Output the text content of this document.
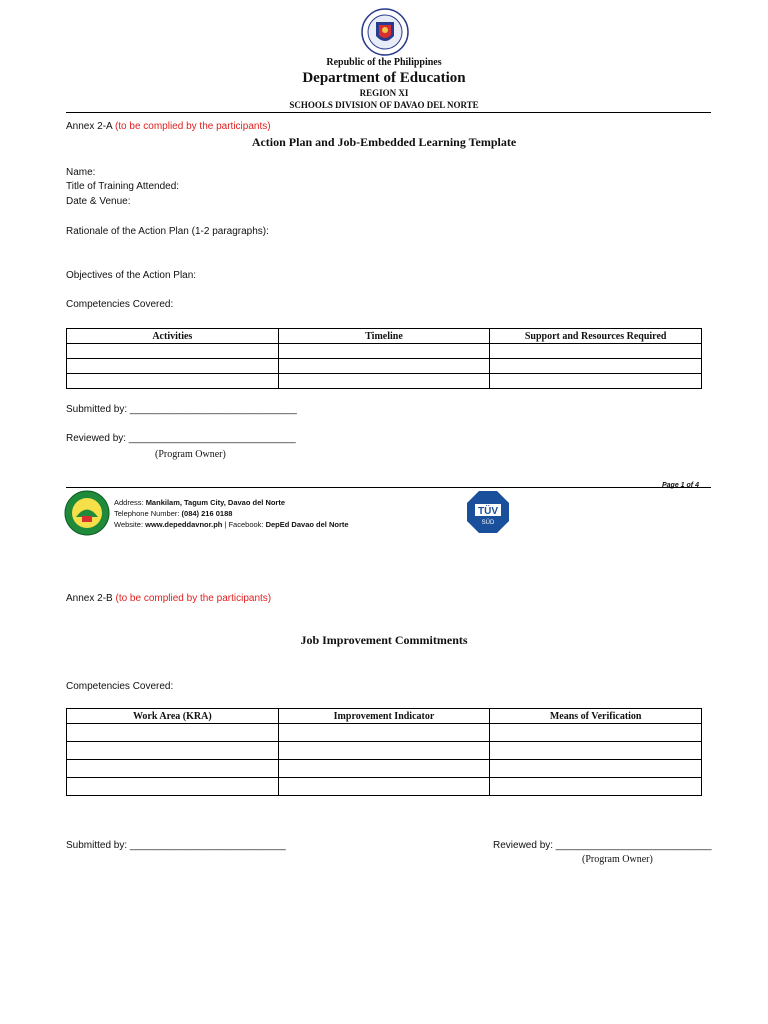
Republic of the Philippines
Department of Education
REGION XI
SCHOOLS DIVISION OF DAVAO DEL NORTE
Annex 2-A (to be complied by the participants)
Action Plan and Job-Embedded Learning Template
Name:
Title of Training Attended:
Date & Venue:
Rationale of the Action Plan (1-2 paragraphs):
Objectives of the Action Plan:
Competencies Covered:
Activities	Timeline	Support and Resources Required

Submitted by: ______________________________
Reviewed by: ______________________________
(Program Owner)
Page 1 of 4
Address: Mankilam, Tagum City, Davao del Norte
Telephone Number: (084) 216 0188
Website: www.depeddavnor.ph | Facebook: DepEd Davao del Norte
TÜV
SÜD
Annex 2-B (to be complied by the participants)
Job Improvement Commitments
Competencies Covered:
Work Area (KRA)	Improvement Indicator	Means of Verification

Submitted by: ____________________________	Reviewed by: ____________________________
(Program Owner)
